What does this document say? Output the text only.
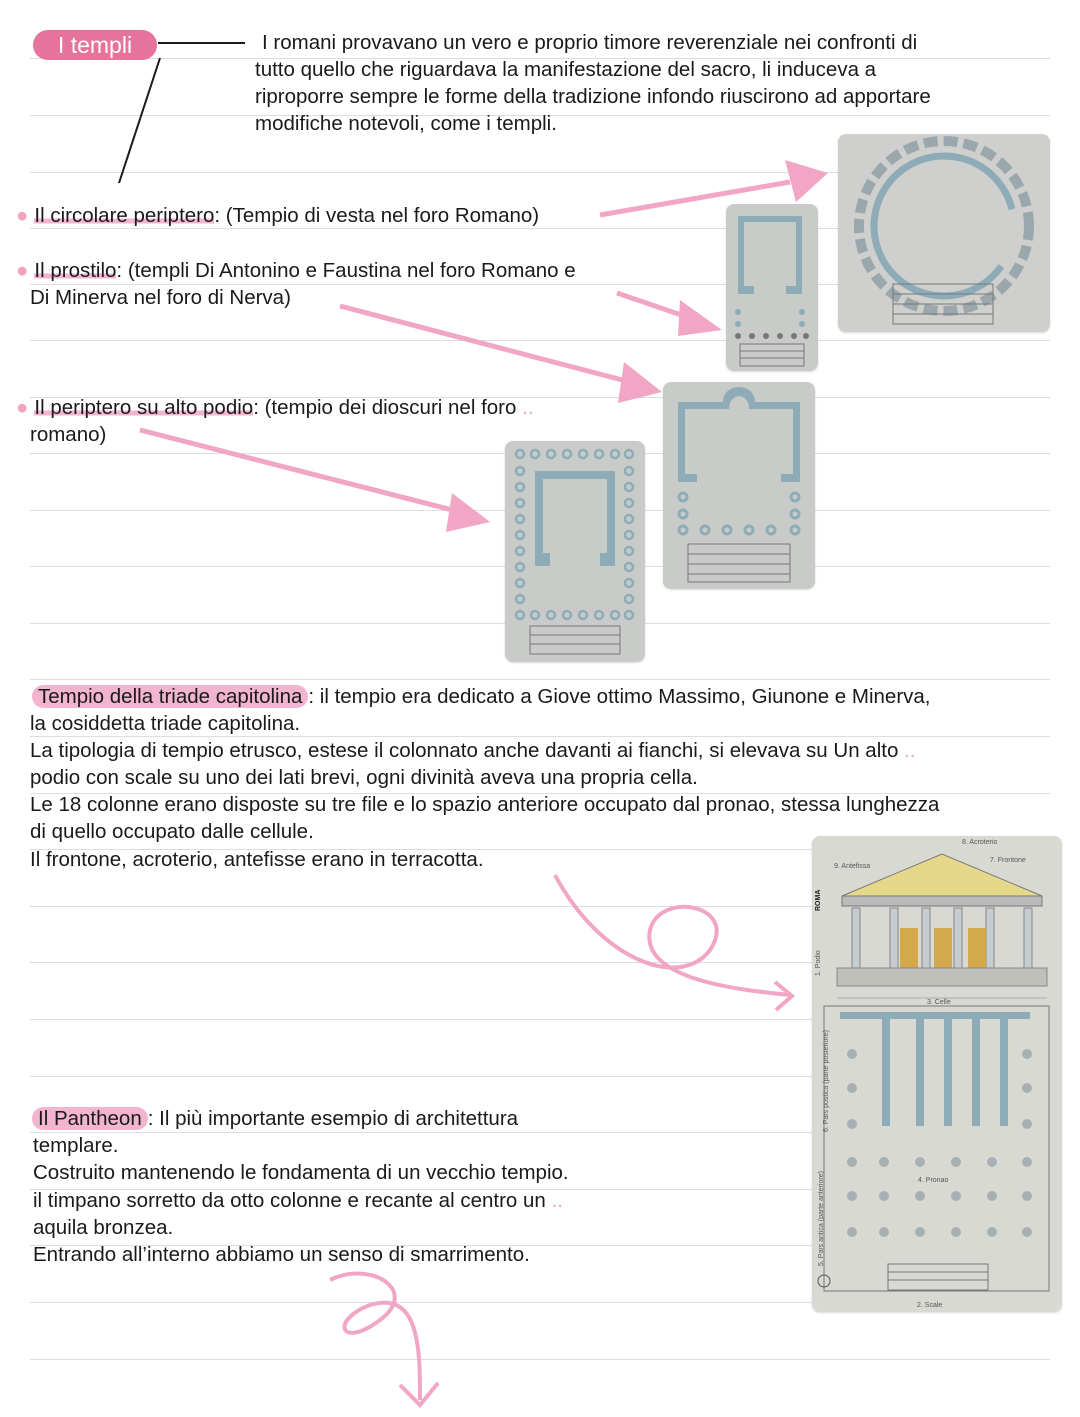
I templi	I romani provavano un vero e proprio timore reverenziale nei confronti di
tutto quello che riguardava la manifestazione del sacro, li induceva a
riproporre sempre le forme della tradizione infondo riuscirono ad apportare
modifiche notevoli, come i templi.
● Il circolare periptero: (Tempio di vesta nel foro Romano)
● Il prostilo: (templi Di Antonino e Faustina nel foro Romano e
Di Minerva nel foro di Nerva)
● Il periptero su alto podio: (tempio dei dioscuri nel foro ..
romano)
Tempio della triade capitolina : il tempio era dedicato a Giove ottimo Massimo, Giunone e Minerva,
la cosiddetta triade capitolina.
La tipologia di tempio etrusco, estese il colonnato anche davanti ai fianchi, si elevava su Un alto ..
podio con scale su uno dei lati brevi, ogni divinità aveva una propria cella.
Le 18 colonne erano disposte su tre file e lo spazio anteriore occupato dal pronao, stessa lunghezza
di quello occupato dalle cellule.
Il frontone, acroterio, antefisse erano in terracotta.
8. Acroterio
7. Frontone
9. Antefissa
1. Podio
ROMA
3. Celle
6. Pars postica (parte posteriore)
4. Pronao
5. Pars antica (parte anteriore)
2. Scale
Il Pantheon : Il più importante esempio di architettura
templare.
Costruito mantenendo le fondamenta di un vecchio tempio.
il timpano sorretto da otto colonne e recante al centro un ..
aquila bronzea.
Entrando all’interno abbiamo un senso di smarrimento.
